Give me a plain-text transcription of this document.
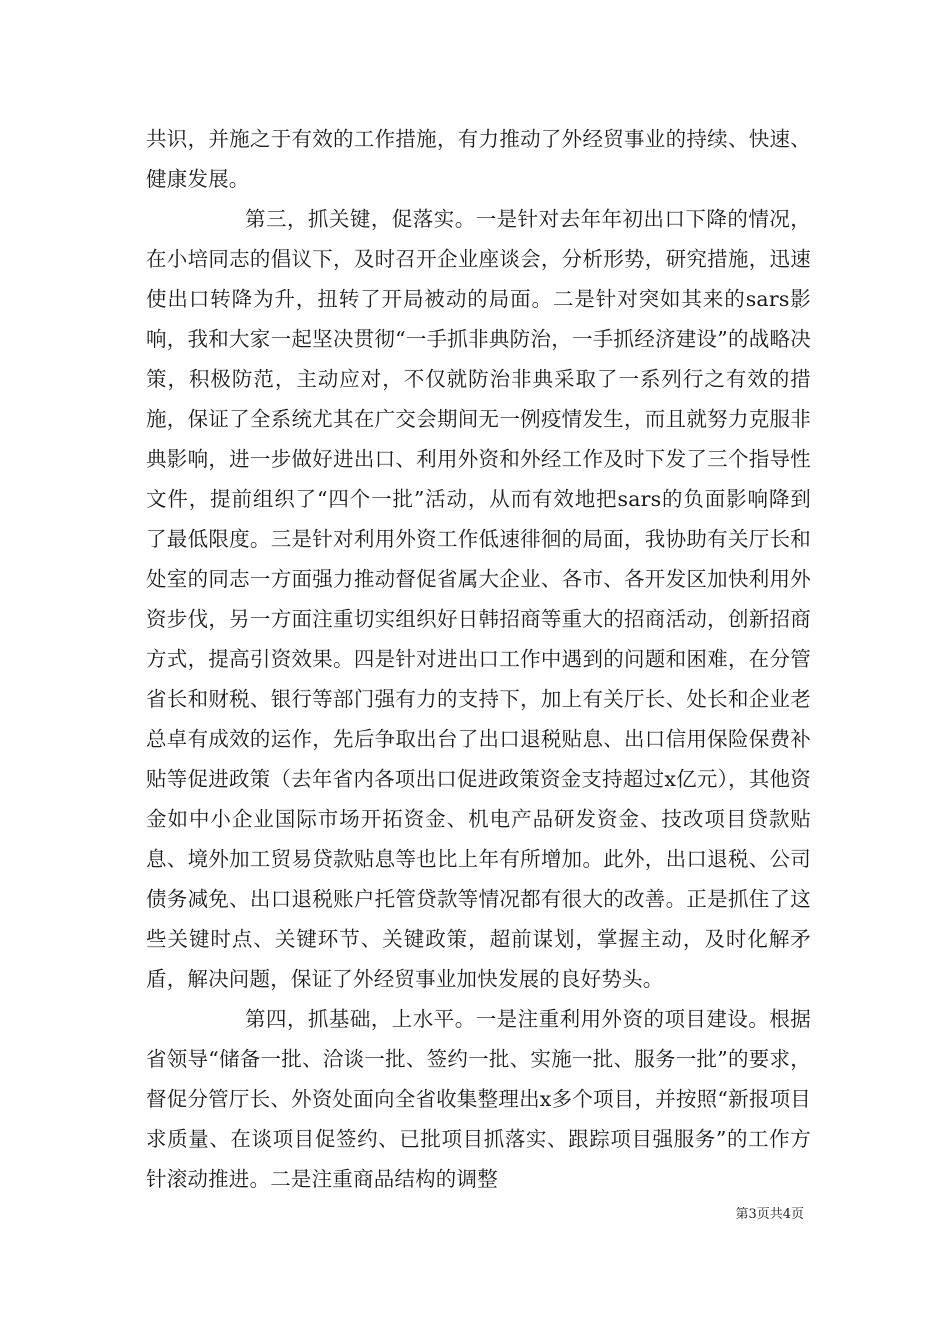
共识，并施之于有效的工作措施，有力推动了外经贸事业的持续、快速、健康发展。

第三，抓关键，促落实。一是针对去年年初出口下降的情况，在小培同志的倡议下，及时召开企业座谈会，分析形势，研究措施，迅速使出口转降为升，扭转了开局被动的局面。二是针对突如其来的sars影响，我和大家一起坚决贯彻“一手抓非典防治，一手抓经济建设”的战略决策，积极防范，主动应对，不仅就防治非典采取了一系列行之有效的措施，保证了全系统尤其在广交会期间无一例疫情发生，而且就努力克服非典影响，进一步做好进出口、利用外资和外经工作及时下发了三个指导性文件，提前组织了“四个一批”活动，从而有效地把sars的负面影响降到了最低限度。三是针对利用外资工作低速徘徊的局面，我协助有关厅长和处室的同志一方面强力推动督促省属大企业、各市、各开发区加快利用外资步伐，另一方面注重切实组织好日韩招商等重大的招商活动，创新招商方式，提高引资效果。四是针对进出口工作中遇到的问题和困难，在分管省长和财税、银行等部门强有力的支持下，加上有关厅长、处长和企业老总卓有成效的运作，先后争取出台了出口退税贴息、出口信用保险保费补贴等促进政策（去年省内各项出口促进政策资金支持超过x亿元），其他资金如中小企业国际市场开拓资金、机电产品研发资金、技改项目贷款贴息、境外加工贸易贷款贴息等也比上年有所增加。此外，出口退税、公司债务减免、出口退税账户托管贷款等情况都有很大的改善。正是抓住了这些关键时点、关键环节、关键政策，超前谋划，掌握主动，及时化解矛盾，解决问题，保证了外经贸事业加快发展的良好势头。

第四，抓基础，上水平。一是注重利用外资的项目建设。根据省领导“储备一批、洽谈一批、签约一批、实施一批、服务一批”的要求，督促分管厅长、外资处面向全省收集整理出x多个项目，并按照“新报项目求质量、在谈项目促签约、已批项目抓落实、跟踪项目强服务”的工作方针滚动推进。二是注重商品结构的调整

第3页共4页
